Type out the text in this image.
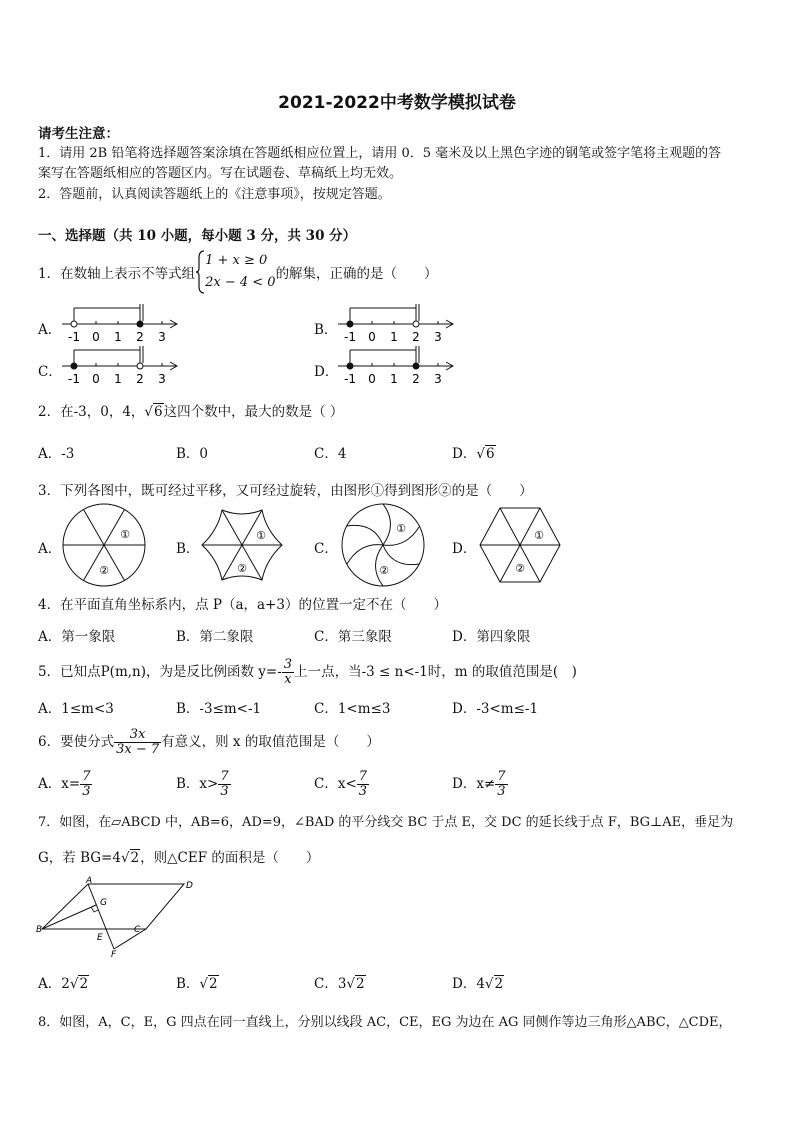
2021-2022中考数学模拟试卷
请考生注意：
1．请用 2B 铅笔将选择题答案涂填在答题纸相应位置上，请用 0．5 毫米及以上黑色字迹的钢笔或签字笔将主观题的答
案写在答题纸相应的答题区内。写在试题卷、草稿纸上均无效。
2．答题前，认真阅读答题纸上的《注意事项》，按规定答题。
一、选择题（共 10 小题，每小题 3 分，共 30 分）
1．在数轴上表示不等式组
1 + x ≥ 0
2x − 4 < 0
的解集，正确的是（　　）
A．	B．
C．	D．
-1 0 1 2 3	-1 0 1 2 3
-1 0 1 2 3	-1 0 1 2 3
2．在-3，0，4，√6这四个数中，最大的数是（ ）
A．-3	B．0	C．4	D．√6
3．下列各图中，既可经过平移，又可经过旋转，由图形①得到图形②的是（　　）
A．	B．	C．	D．
①
②
①
②
①
②
①
②
4．在平面直角坐标系内，点 P（a，a+3）的位置一定不在（　　）
A．第一象限	B．第二象限	C．第三象限	D．第四象限
5．已知点P(m,n)，为是反比例函数 $y=- \frac{3}{x}$ 上一点，当-3 ≤ n<-1时，m 的取值范围是(　)
A．1≤m<3	B．-3≤m<-1	C．1<m≤3	D．-3<m≤-1
6．要使分式 $\frac{3x}{3x - 7}$ 有意义，则 x 的取值范围是（　　）
A．$x= \frac{7}{3}$	B．$x> \frac{7}{3}$	C．$x< \frac{7}{3}$	D．$x\ne \frac{7}{3}$
7．如图，在▱ABCD 中，AB=6，AD=9，∠BAD 的平分线交 BC 于点 E，交 DC 的延长线于点 F，BG⊥AE，垂足为
G，若 BG=4√2，则△CEF 的面积是（　　）
A	D
B	C
G
E
F
A．2√2	B．√2	C．3√2	D．4√2
8．如图，A，C，E，G 四点在同一直线上，分别以线段 AC，CE，EG 为边在 AG 同侧作等边三角形△ABC，△CDE，
